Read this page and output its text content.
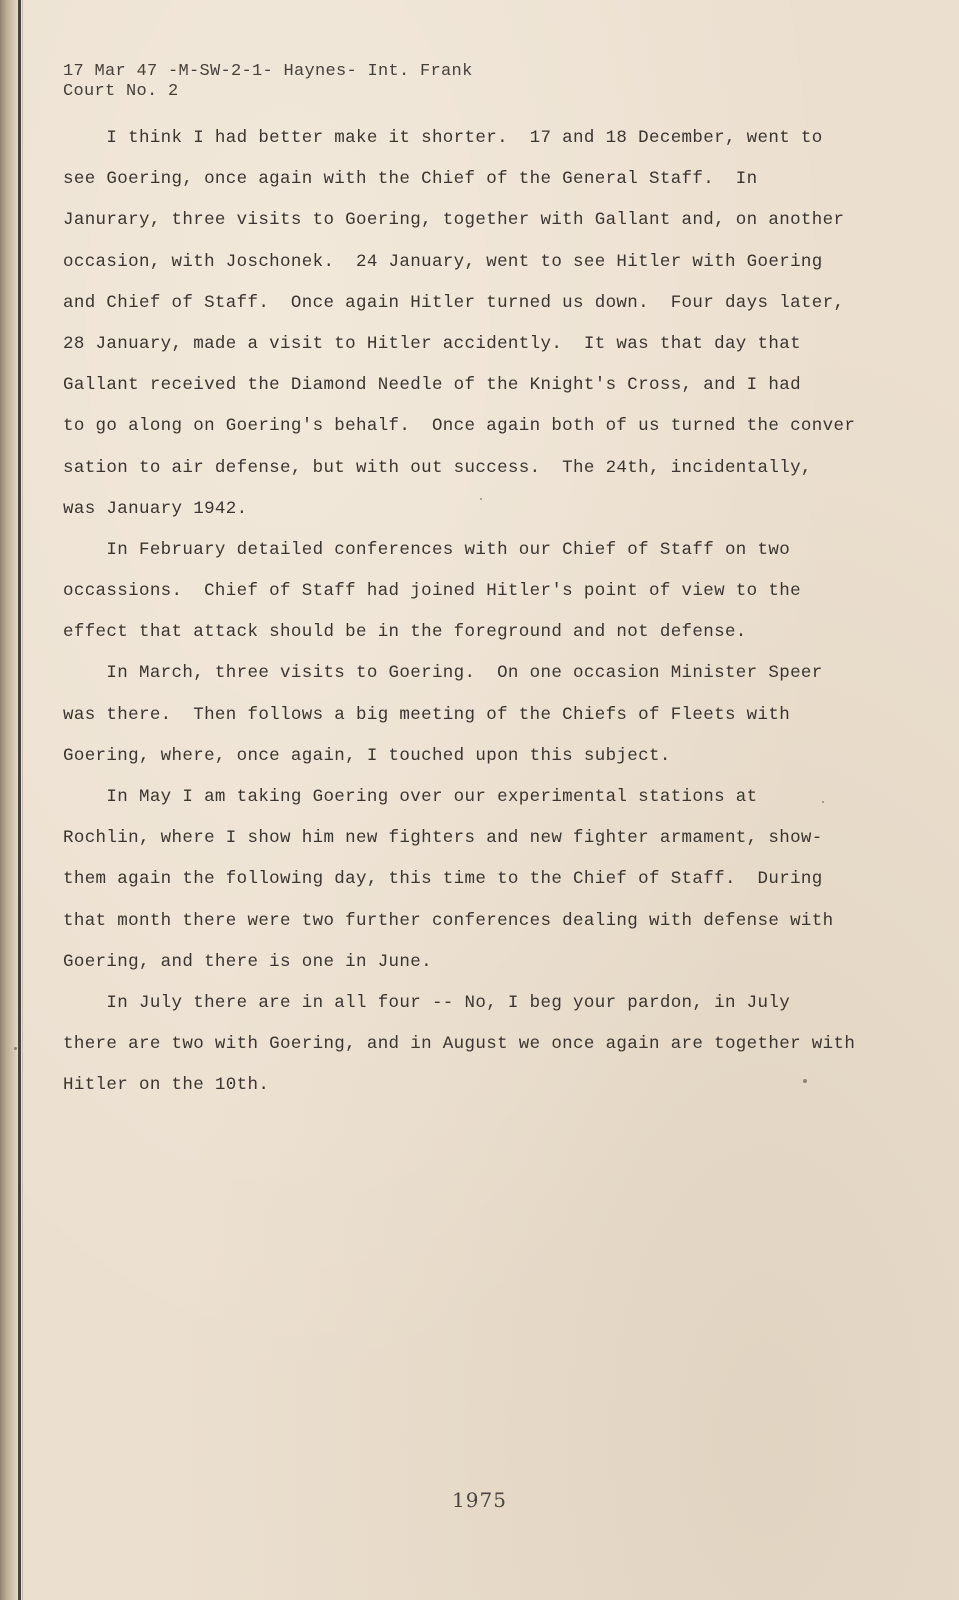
17 Mar 47 -M-SW-2-1- Haynes- Int. Frank
Court No. 2
I think I had better make it shorter.  17 and 18 December, went to
see Goering, once again with the Chief of the General Staff.  In
Janurary, three visits to Goering, together with Gallant and, on another
occasion, with Joschonek.  24 January, went to see Hitler with Goering
and Chief of Staff.  Once again Hitler turned us down.  Four days later,
28 January, made a visit to Hitler accidently.  It was that day that
Gallant received the Diamond Needle of the Knight's Cross, and I had
to go along on Goering's behalf.  Once again both of us turned the conver
sation to air defense, but with out success.  The 24th, incidentally,
was January 1942.
In February detailed conferences with our Chief of Staff on two
occassions.  Chief of Staff had joined Hitler's point of view to the
effect that attack should be in the foreground and not defense.
In March, three visits to Goering.  On one occasion Minister Speer
was there.  Then follows a big meeting of the Chiefs of Fleets with
Goering, where, once again, I touched upon this subject.
In May I am taking Goering over our experimental stations at
Rochlin, where I show him new fighters and new fighter armament, show-
them again the following day, this time to the Chief of Staff.  During
that month there were two further conferences dealing with defense with
Goering, and there is one in June.
In July there are in all four -- No, I beg your pardon, in July
there are two with Goering, and in August we once again are together with
Hitler on the 10th.
1975
